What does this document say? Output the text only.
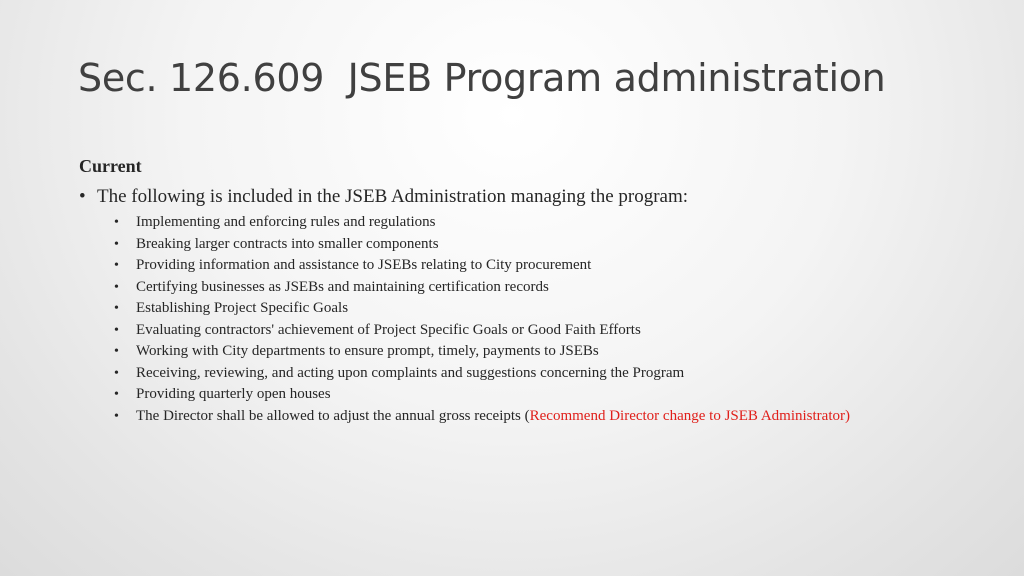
Sec. 126.609  JSEB Program administration

Current

• The following is included in the JSEB Administration managing the program:

• Implementing and enforcing rules and regulations
• Breaking larger contracts into smaller components
• Providing information and assistance to JSEBs relating to City procurement
• Certifying businesses as JSEBs and maintaining certification records
• Establishing Project Specific Goals
• Evaluating contractors' achievement of Project Specific Goals or Good Faith Efforts
• Working with City departments to ensure prompt, timely, payments to JSEBs
• Receiving, reviewing, and acting upon complaints and suggestions concerning the Program
• Providing quarterly open houses
• The Director shall be allowed to adjust the annual gross receipts (Recommend Director change to JSEB Administrator)
